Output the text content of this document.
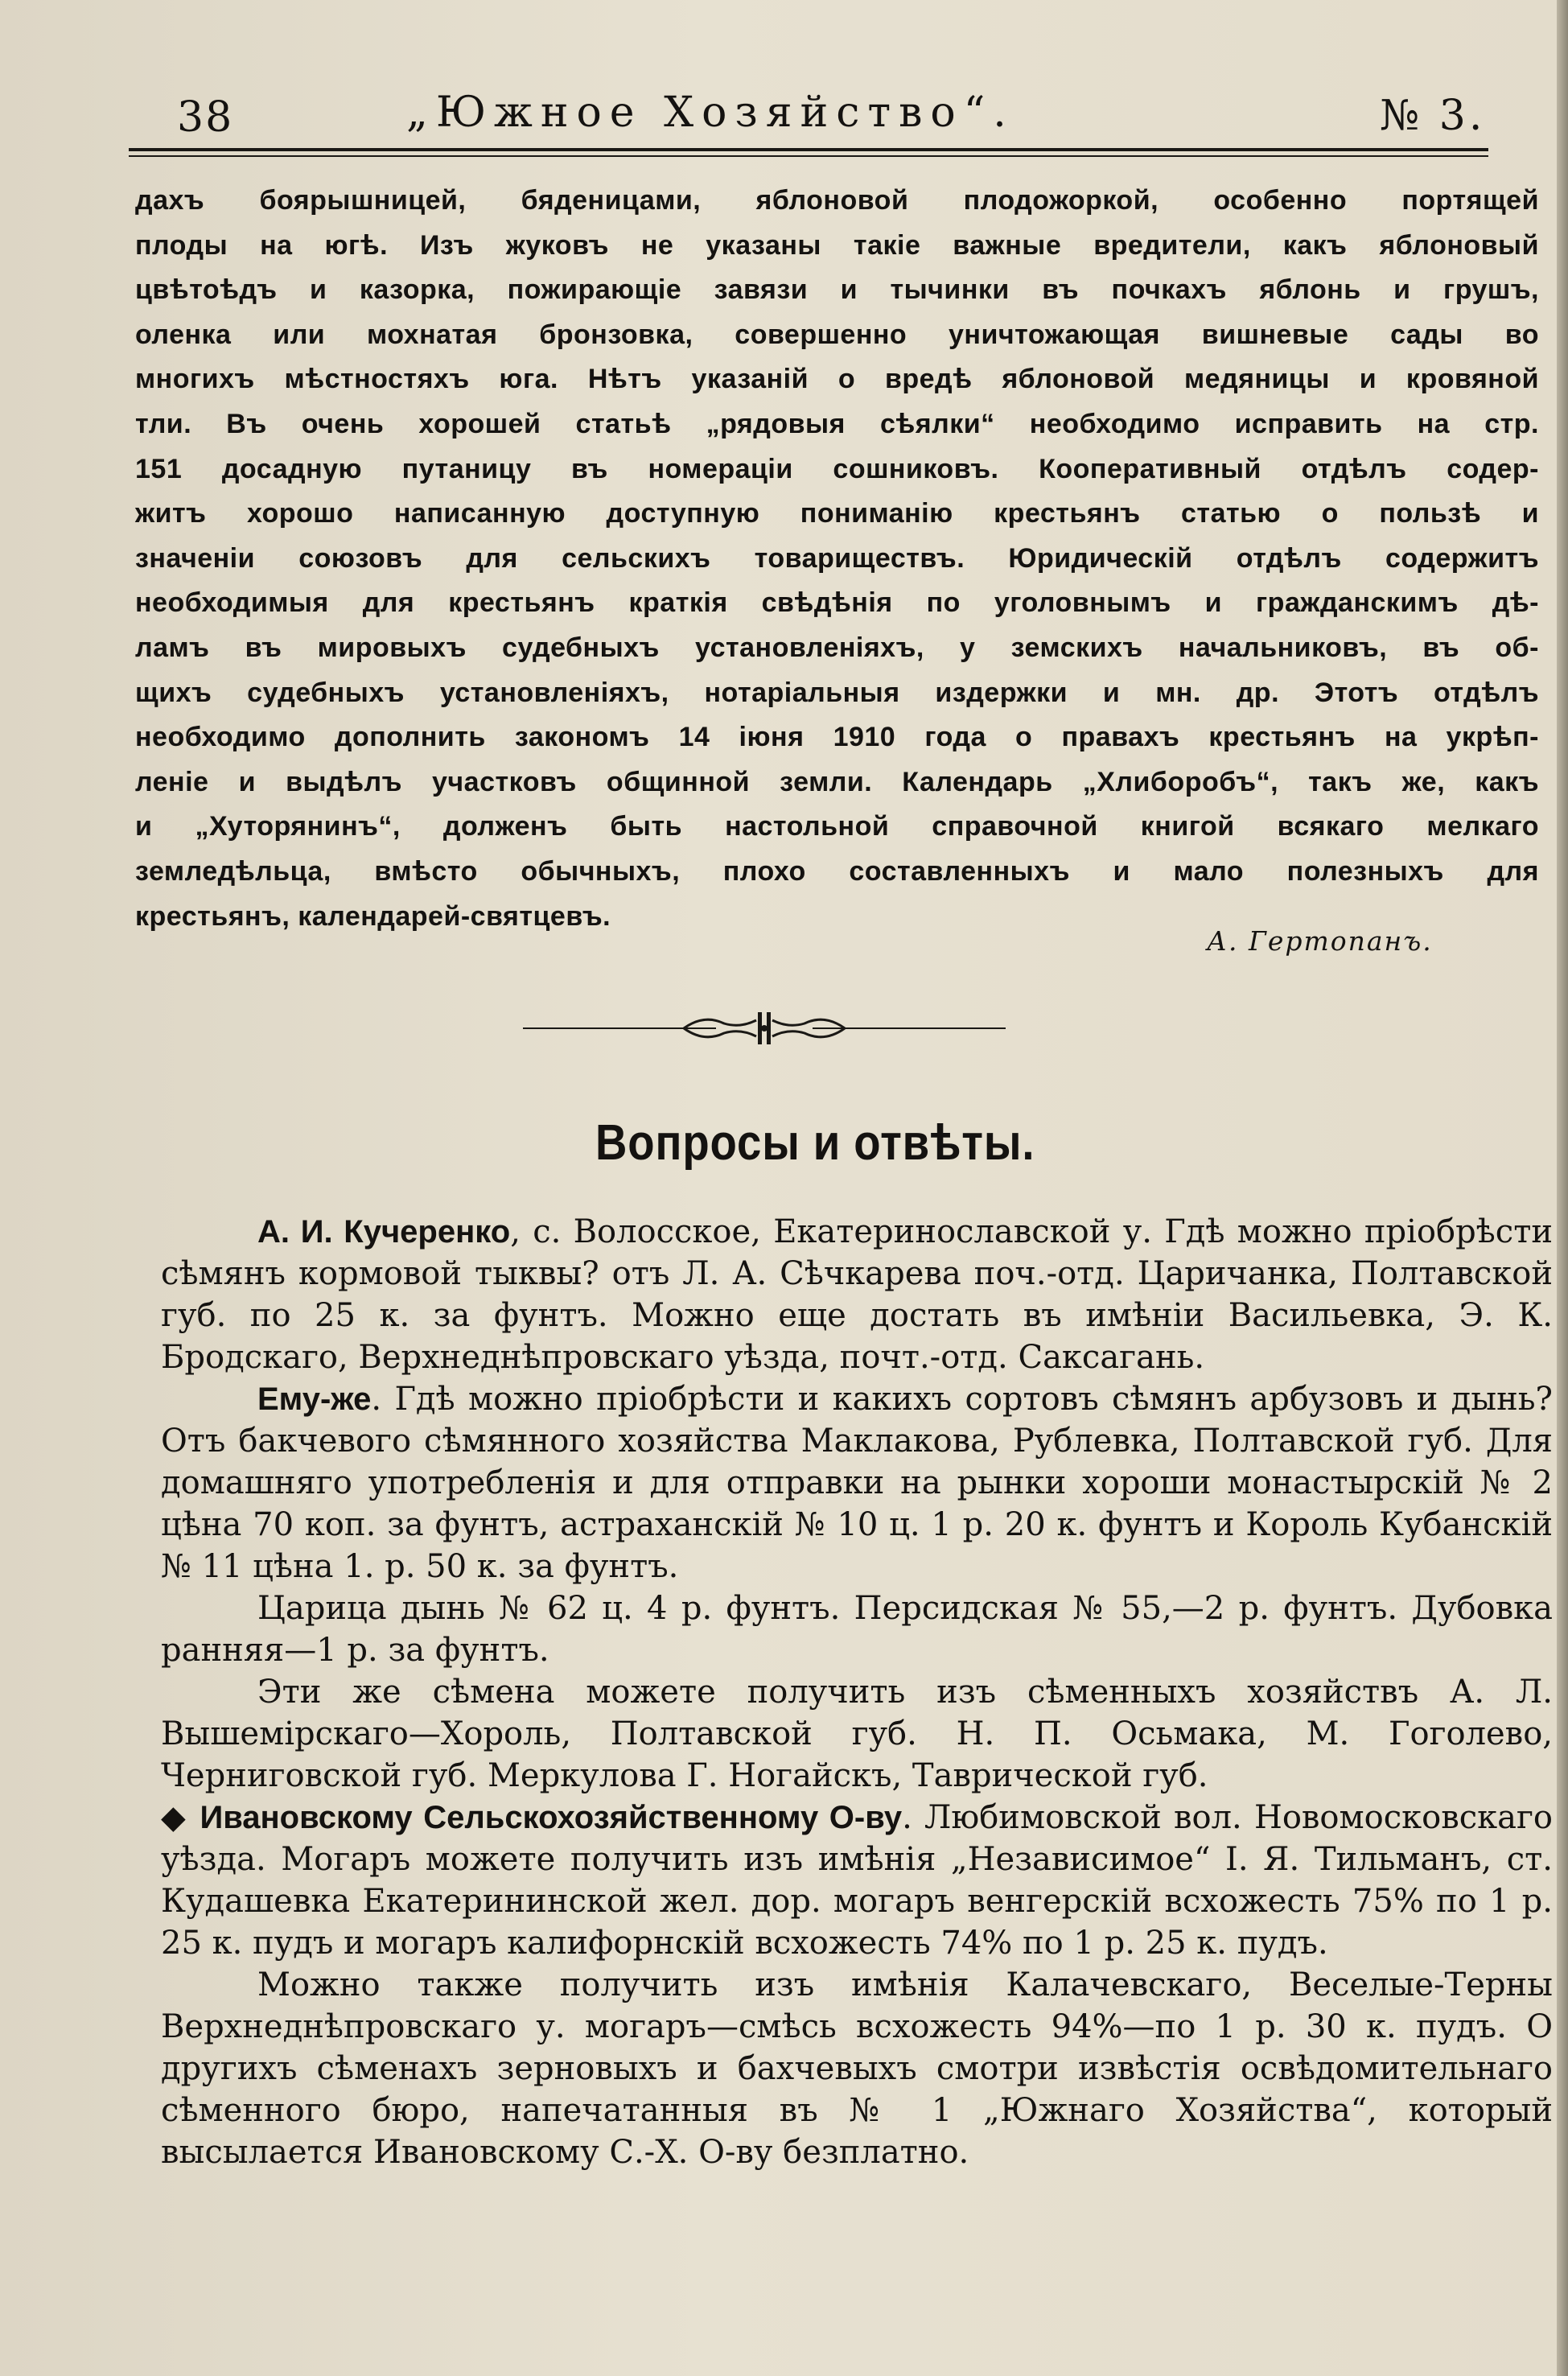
38	„Южное Хозяйство“.	№ 3.
дахъ боярышницей, бяденицами, яблоновой плодожоркой, особенно портящей
плоды на югѣ. Изъ жуковъ не указаны такіе важные вредители, какъ яблоновый
цвѣтоѣдъ и казорка, пожирающіе завязи и тычинки въ почкахъ яблонь и грушъ,
оленка или мохнатая бронзовка, совершенно уничтожающая вишневые сады во
многихъ мѣстностяхъ юга. Нѣтъ указаній о вредѣ яблоновой медяницы и кровяной
тли. Въ очень хорошей статьѣ „рядовыя сѣялки“ необходимо исправить на стр.
151 досадную путаницу въ номераціи сошниковъ. Кооперативный отдѣлъ содер-
житъ хорошо написанную доступную пониманію крестьянъ статью о пользѣ и
значеніи союзовъ для сельскихъ товариществъ. Юридическій отдѣлъ содержитъ
необходимыя для крестьянъ краткія свѣдѣнія по уголовнымъ и гражданскимъ дѣ-
ламъ въ мировыхъ судебныхъ установленіяхъ, у земскихъ начальниковъ, въ об-
щихъ судебныхъ установленіяхъ, нотаріальныя издержки и мн. др. Этотъ отдѣлъ
необходимо дополнить закономъ 14 іюня 1910 года о правахъ крестьянъ на укрѣп-
леніе и выдѣлъ участковъ общинной земли. Календарь „Хлиборобъ“, такъ же, какъ
и „Хуторянинъ“, долженъ быть настольной справочной книгой всякаго мелкаго
земледѣльца, вмѣсто обычныхъ, плохо составленныхъ и мало полезныхъ для
крестьянъ, календарей-святцевъ.
А. Гертопанъ.
Вопросы и отвѣты.

А. И. Кучеренко, с. Волосское, Екатеринославской у. Гдѣ можно пріобрѣсти сѣмянъ кормовой тыквы? отъ Л. А. Сѣчкарева поч.-отд. Царичанка, Полтавской губ. по 25 к. за фунтъ. Можно еще достать въ имѣніи Васильевка, Э. К. Бродскаго, Верхнеднѣпровскаго уѣзда, почт.-отд. Саксагань.

Ему-же. Гдѣ можно пріобрѣсти и какихъ сортовъ сѣмянъ арбузовъ и дынь? Отъ бакчевого сѣмянного хозяйства Маклакова, Рублевка, Полтавской губ. Для домашняго употребленія и для отправки на рынки хороши монастырскій № 2 цѣна 70 коп. за фунтъ, астраханскій № 10 ц. 1 р. 20 к. фунтъ и Король Кубанскій № 11 цѣна 1. р. 50 к. за фунтъ.

Царица дынь № 62 ц. 4 р. фунтъ. Персидская № 55,—2 р. фунтъ. Дубовка ранняя—1 р. за фунтъ.

Эти же сѣмена можете получить изъ сѣменныхъ хозяйствъ А. Л. Вышемірскаго—Хороль, Полтавской губ. Н. П. Осьмака, М. Гоголево, Черниговской губ. Меркулова Г. Ногайскъ, Таврической губ.

◆ Ивановскому Сельскохозяйственному О-ву. Любимовской вол. Новомосковскаго уѣзда. Могаръ можете получить изъ имѣнія „Независимое“ І. Я. Тильманъ, ст. Кудашевка Екатерининской жел. дор. могаръ венгерскій всхожесть 75% по 1 р. 25 к. пудъ и могаръ калифорнскій всхожесть 74% по 1 р. 25 к. пудъ.

Можно также получить изъ имѣнія Калачевскаго, Веселые-Терны Верхнеднѣпровскаго у. могаръ—смѣсь всхожесть 94%—по 1 р. 30 к. пудъ. О другихъ сѣменахъ зерновыхъ и бахчевыхъ смотри извѣстія освѣдомительнаго сѣменного бюро, напечатанныя въ № 1 „Южнаго Хозяйства“, который высылается Ивановскому С.-Х. О-ву безплатно.
